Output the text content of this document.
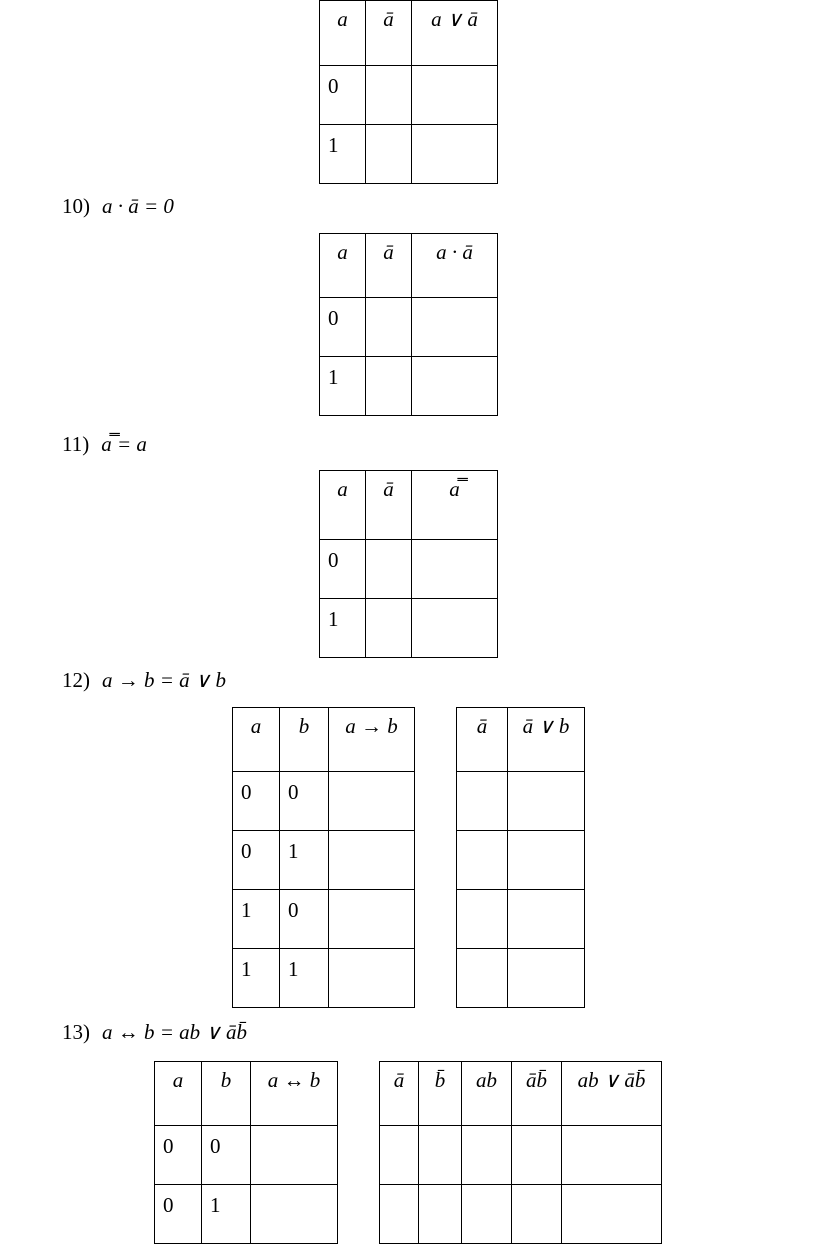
a	ā	a ∨ ā
0		
1		
10) a · ā = 0
a	ā	a · ā
0		
1		
11) a̿ = a
a	ā	a̿
0		
1		
12) a → b = ā ∨ b
a	b	a → b
0	0	
0	1	
1	0	
1	1	
ā	ā ∨ b

13) a ↔ b = ab ∨ āb̄
a	b	a ↔ b
0	0	
0	1	
ā	b̄	ab	āb̄	ab ∨ āb̄
